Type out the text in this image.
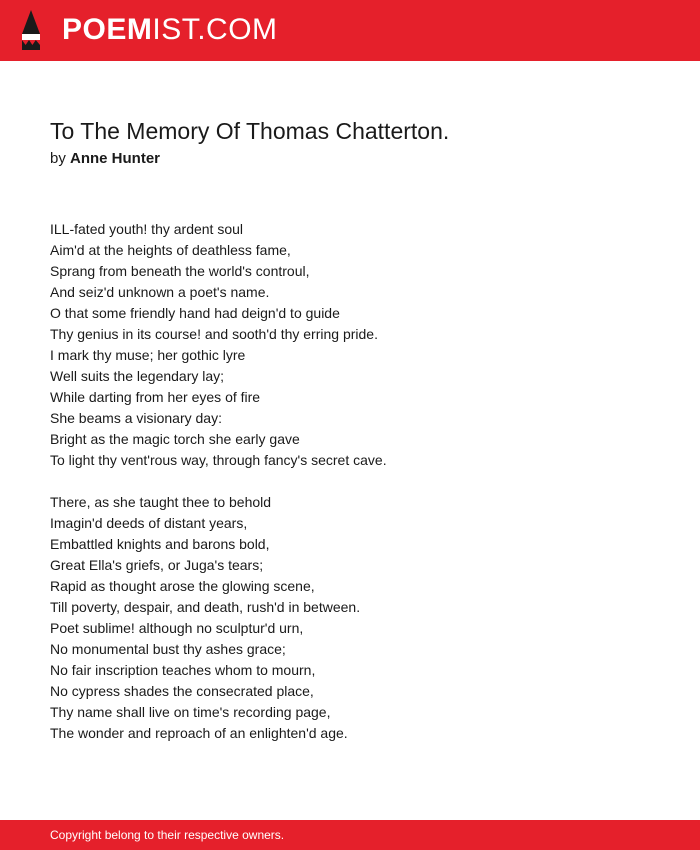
POEMIST.COM
To The Memory Of Thomas Chatterton.
by Anne Hunter
ILL-fated youth! thy ardent soul
Aim'd at the heights of deathless fame,
Sprang from beneath the world's controul,
And seiz'd unknown a poet's name.
O that some friendly hand had deign'd to guide
Thy genius in its course! and sooth'd thy erring pride.
I mark thy muse; her gothic lyre
Well suits the legendary lay;
While darting from her eyes of fire
She beams a visionary day:
Bright as the magic torch she early gave
To light thy vent'rous way, through fancy's secret cave.
There, as she taught thee to behold
Imagin'd deeds of distant years,
Embattled knights and barons bold,
Great Ella's griefs, or Juga's tears;
Rapid as thought arose the glowing scene,
Till poverty, despair, and death, rush'd in between.
Poet sublime! although no sculptur'd urn,
No monumental bust thy ashes grace;
No fair inscription teaches whom to mourn,
No cypress shades the consecrated place,
Thy name shall live on time's recording page,
The wonder and reproach of an enlighten'd age.
Copyright belong to their respective owners.
